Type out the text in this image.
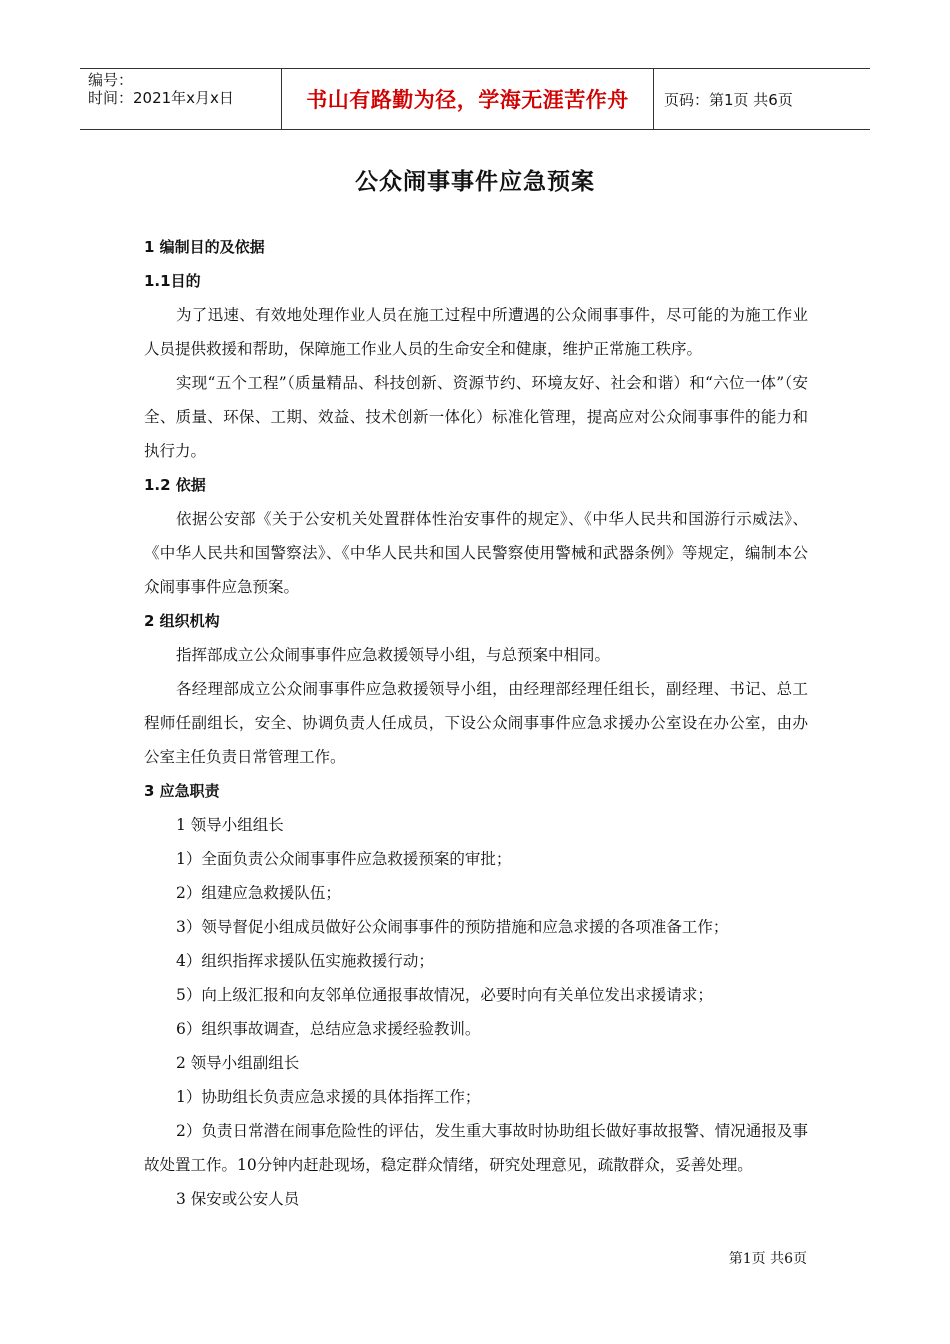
编号：
时间：2021年x月x日	书山有路勤为径，学海无涯苦作舟 页码：第1页 共6页
公众闹事事件应急预案
1 编制目的及依据
1.1目的

为了迅速、有效地处理作业人员在施工过程中所遭遇的公众闹事事件，尽可能的为施工作业人员提供救援和帮助，保障施工作业人员的生命安全和健康，维护正常施工秩序。

实现“五个工程”（质量精品、科技创新、资源节约、环境友好、社会和谐）和“六位一体”（安全、质量、环保、工期、效益、技术创新一体化）标准化管理，提高应对公众闹事事件的能力和执行力。

1.2 依据

依据公安部《关于公安机关处置群体性治安事件的规定》、《中华人民共和国游行示威法》、《中华人民共和国警察法》、《中华人民共和国人民警察使用警械和武器条例》等规定，编制本公众闹事事件应急预案。

2 组织机构

指挥部成立公众闹事事件应急救援领导小组，与总预案中相同。

各经理部成立公众闹事事件应急救援领导小组，由经理部经理任组长，副经理、书记、总工程师任副组长，安全、协调负责人任成员，下设公众闹事事件应急求援办公室设在办公室，由办公室主任负责日常管理工作。

3 应急职责

1 领导小组组长

1）全面负责公众闹事事件应急救援预案的审批；

2）组建应急救援队伍；

3）领导督促小组成员做好公众闹事事件的预防措施和应急求援的各项准备工作；

4）组织指挥求援队伍实施救援行动；

5）向上级汇报和向友邻单位通报事故情况，必要时向有关单位发出求援请求；

6）组织事故调查，总结应急求援经验教训。

2 领导小组副组长

1）协助组长负责应急求援的具体指挥工作；

2）负责日常潜在闹事危险性的评估，发生重大事故时协助组长做好事故报警、情况通报及事故处置工作。10分钟内赶赴现场，稳定群众情绪，研究处理意见，疏散群众，妥善处理。

3 保安或公安人员

第1页 共6页
